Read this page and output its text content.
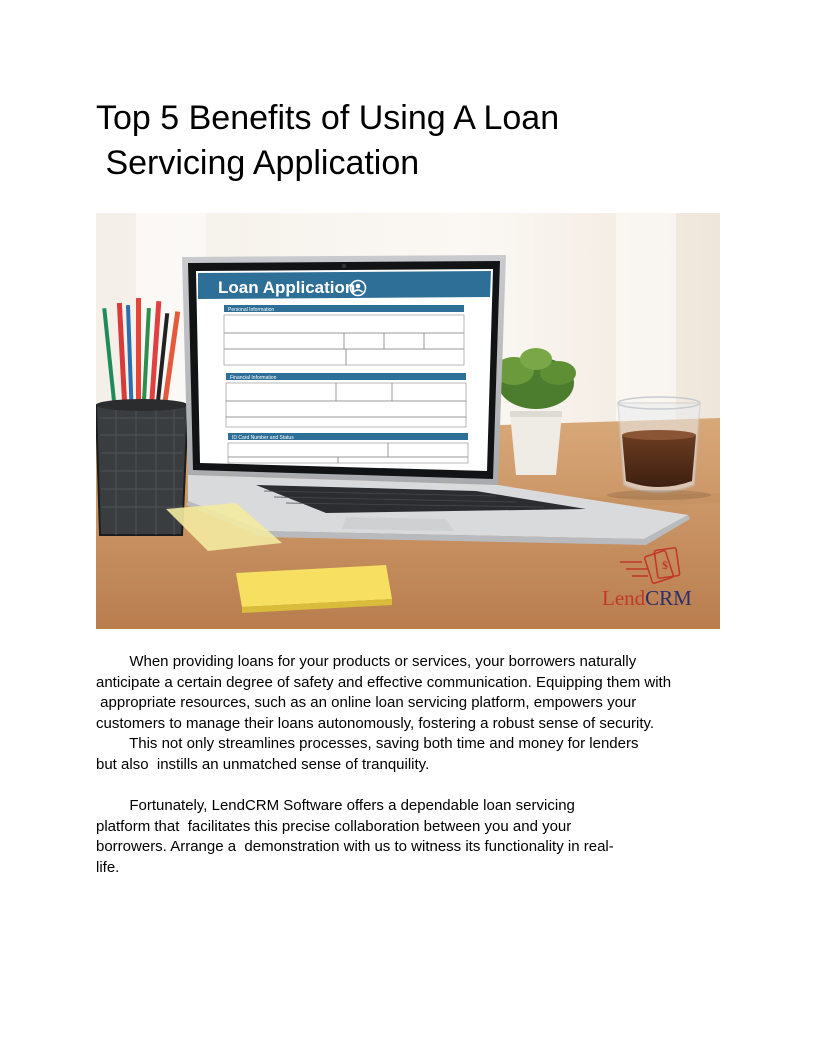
Top 5 Benefits of Using A Loan
Servicing Application
Loan Application
Personal Information
Financial Information
ID Card Number and Status
$
LendCRM

When providing loans for your products or services, your borrowers naturally
anticipate a certain degree of safety and effective communication. Equipping them with
appropriate resources, such as an online loan servicing platform, empowers your
customers to manage their loans autonomously, fostering a robust sense of security.
This not only streamlines processes, saving both time and money for lenders
but also  instills an unmatched sense of tranquility.

Fortunately, LendCRM Software offers a dependable loan servicing
platform that  facilitates this precise collaboration between you and your
borrowers. Arrange a  demonstration with us to witness its functionality in real-
life.
